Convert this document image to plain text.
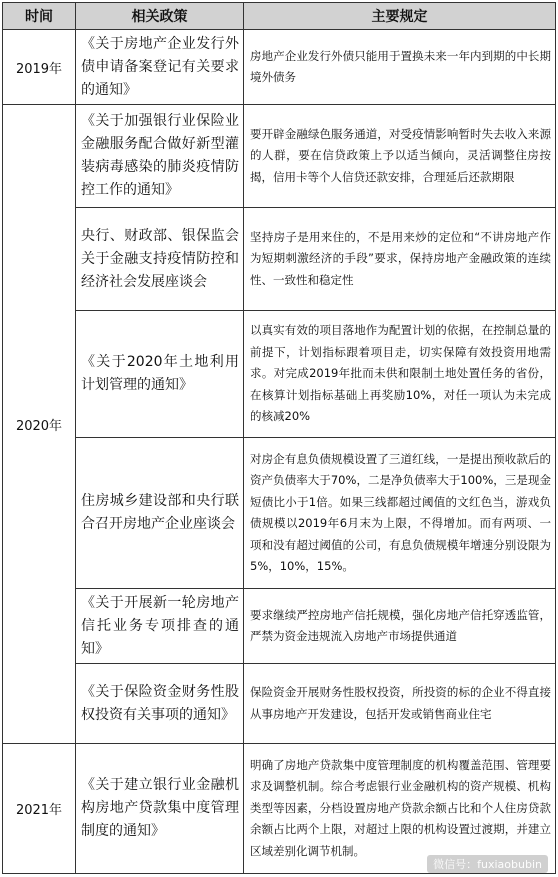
时间	相关政策	主要规定
2019年	《关于房地产企业发行外债申请备案登记有关要求的通知》	房地产企业发行外债只能用于置换未来一年内到期的中长期境外债务
2020年	《关于加强银行业保险业金融服务配合做好新型灌装病毒感染的肺炎疫情防控工作的通知》	要开辟金融绿色服务通道，对受疫情影响暂时失去收入来源的人群，要在信贷政策上予以适当倾向，灵活调整住房按揭，信用卡等个人信贷还款安排，合理延后还款期限
	央行、财政部、银保监会关于金融支持疫情防控和经济社会发展座谈会	坚持房子是用来住的，不是用来炒的定位和“不讲房地产作为短期刺激经济的手段”要求，保持房地产金融政策的连续性、一致性和稳定性
	《关于2020年土地利用计划管理的通知》	以真实有效的项目落地作为配置计划的依据，在控制总量的前提下，计划指标跟着项目走，切实保障有效投资用地需求。对完成2019年批而未供和限制土地处置任务的省份，在核算计划指标基础上再奖励10%，对任一项认为未完成的核减20%
	住房城乡建设部和央行联合召开房地产企业座谈会	对房企有息负债规模设置了三道红线，一是提出预收款后的资产负债率大于70%，二是净负债率大于100%，三是现金短债比小于1倍。如果三线都超过阈值的文红色当，游戏负债规模以2019年6月末为上限，不得增加。而有两项、一项和没有超过阈值的公司，有息负债规模年增速分别设限为5%，10%，15%。
	《关于开展新一轮房地产信托业务专项排查的通知》	要求继续严控房地产信托规模，强化房地产信托穿透监管，严禁为资金违规流入房地产市场提供通道
	《关于保险资金财务性股权投资有关事项的通知》	保险资金开展财务性股权投资，所投资的标的企业不得直接从事房地产开发建设，包括开发或销售商业住宅
2021年	《关于建立银行业金融机构房地产贷款集中度管理制度的通知》	明确了房地产贷款集中度管理制度的机构覆盖范围、管理要求及调整机制。综合考虑银行业金融机构的资产规模、机构类型等因素，分档设置房地产贷款余额占比和个人住房贷款余额占比两个上限，对超过上限的机构设置过渡期，并建立区域差别化调节机制。
微信号：fuxiaobubin
